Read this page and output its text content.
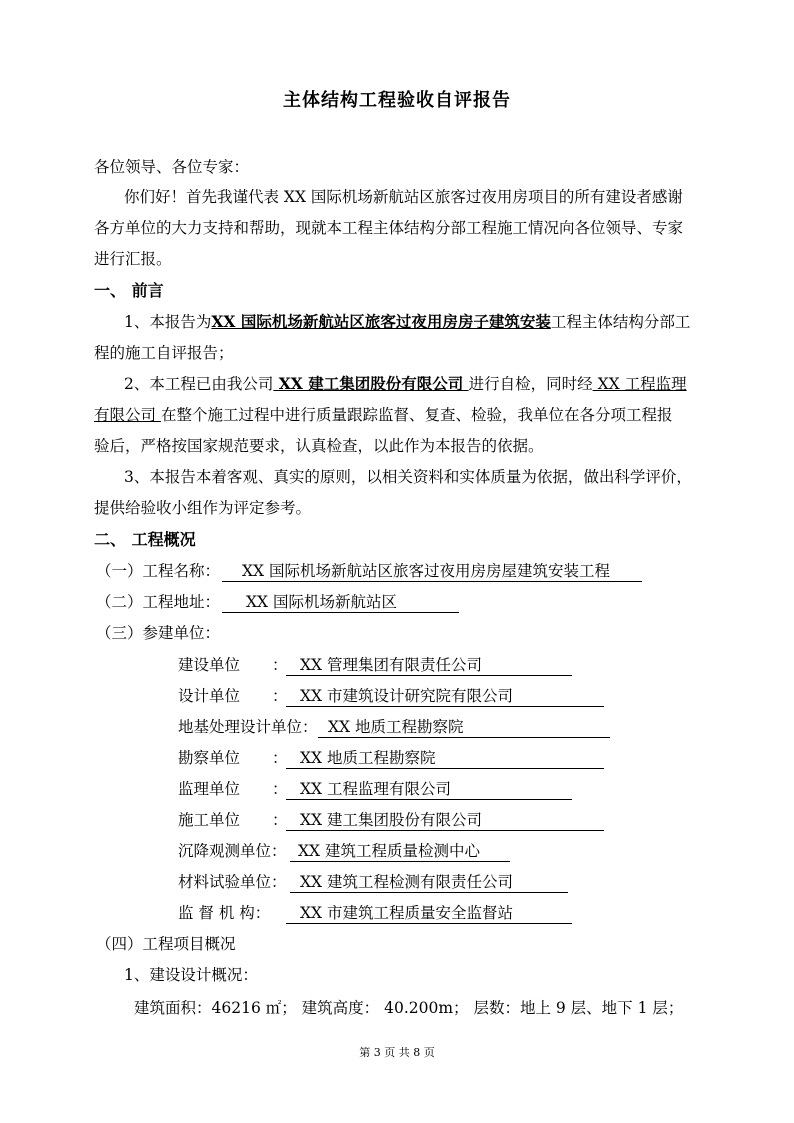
主体结构工程验收自评报告
各位领导、各位专家：
你们好！首先我谨代表 XX 国际机场新航站区旅客过夜用房项目的所有建设者感谢
各方单位的大力支持和帮助，现就本工程主体结构分部工程施工情况向各位领导、专家
进行汇报。
一、 前言
1、本报告为XX 国际机场新航站区旅客过夜用房房子建筑安装工程主体结构分部工
程的施工自评报告；
2、本工程已由我公司 XX 建工集团股份有限公司 进行自检，同时经 XX 工程监理
有限公司 在整个施工过程中进行质量跟踪监督、复查、检验，我单位在各分项工程报
验后，严格按国家规范要求，认真检查，以此作为本报告的依据。
3、本报告本着客观、真实的原则，以相关资料和实体质量为依据，做出科学评价，
提供给验收小组作为评定参考。
二、 工程概况
（一）工程名称：	XX 国际机场新航站区旅客过夜用房房屋建筑安装工程
（二）工程地址：	XX 国际机场新航站区
（三）参建单位：
建设单位 ： XX 管理集团有限责任公司
设计单位 ： XX 市建筑设计研究院有限公司
地基处理设计单位： XX 地质工程勘察院
勘察单位 ： XX 地质工程勘察院
监理单位 ： XX 工程监理有限公司
施工单位 ： XX 建工集团股份有限公司
沉降观测单位： XX 建筑工程质量检测中心
材料试验单位： XX 建筑工程检测有限责任公司
监 督 机 构：	XX 市建筑工程质量安全监督站
（四）工程项目概况
1、建设设计概况：
建筑面积：46216 ㎡； 建筑高度： 40.200m； 层数：地上 9 层、地下 1 层；
第 3 页 共 8 页
